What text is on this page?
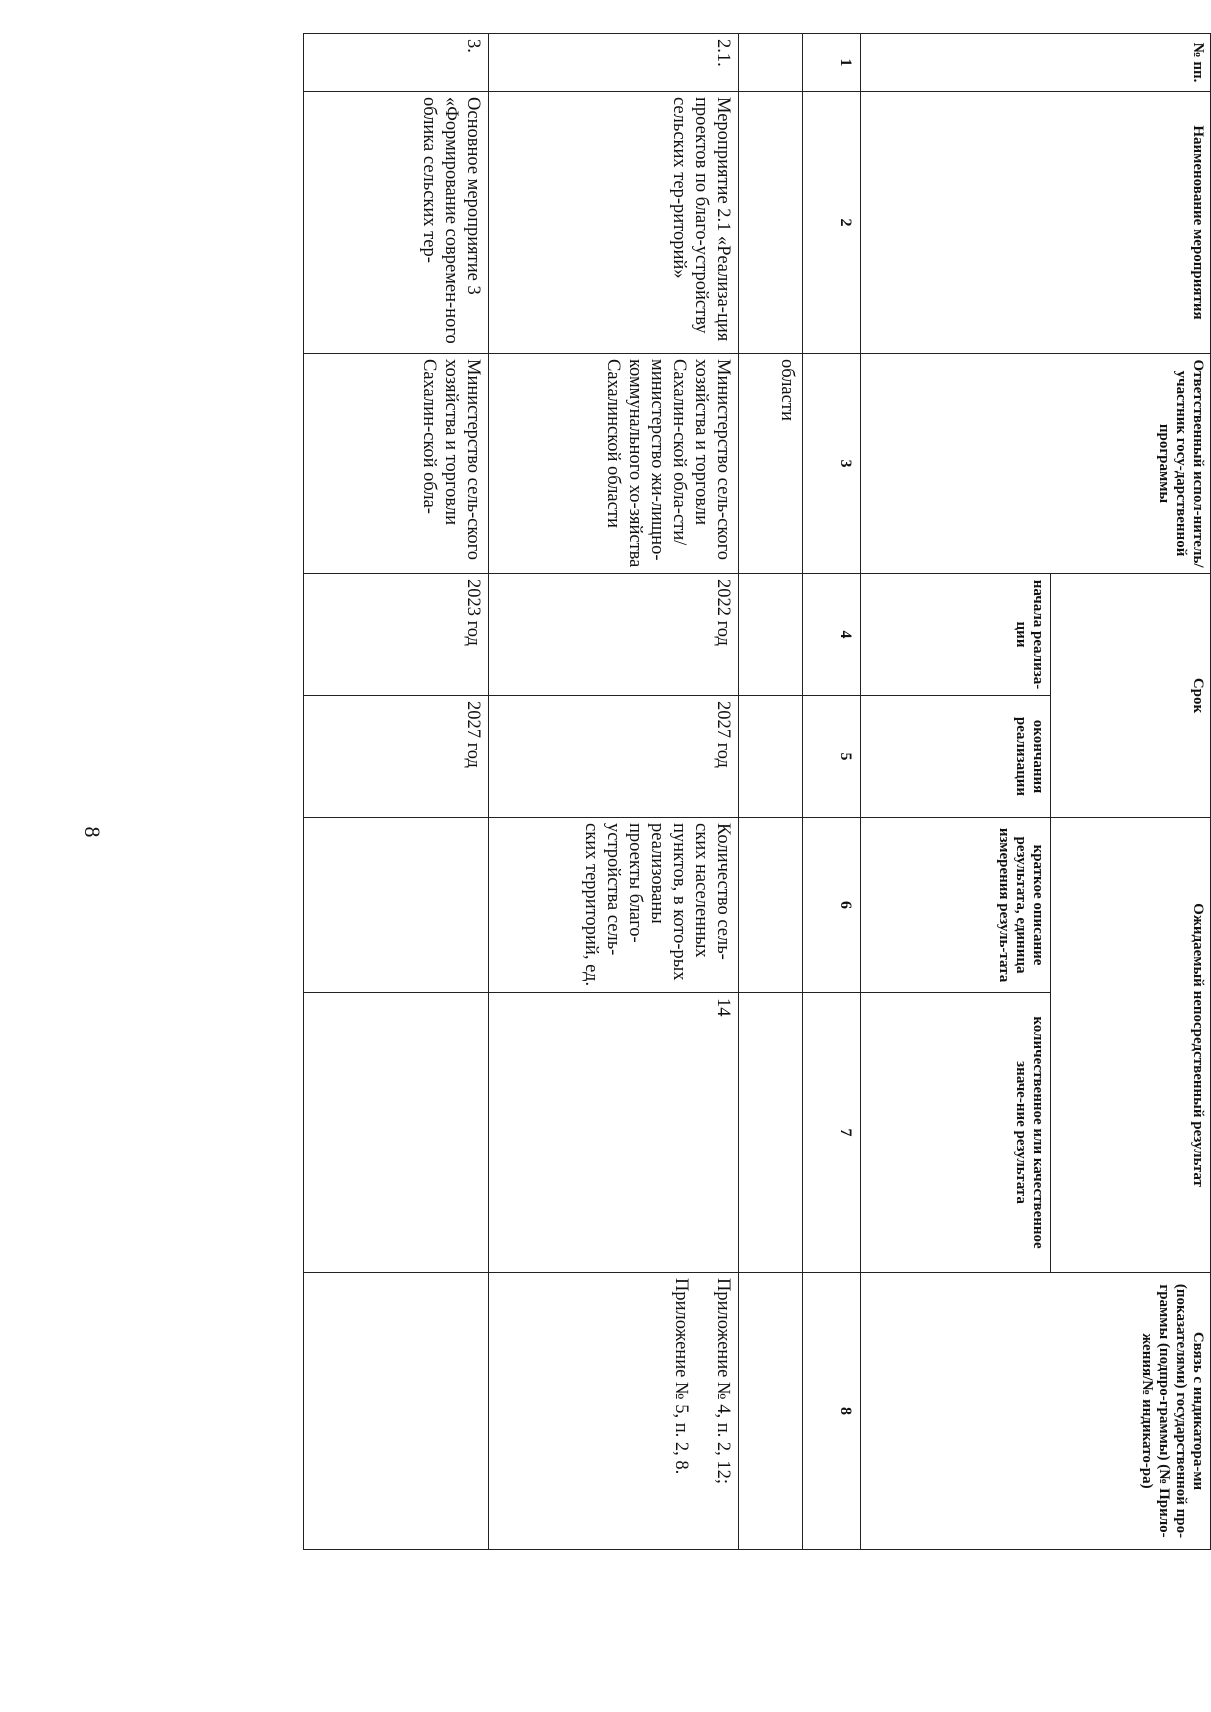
8
№ пп.	Наименование мероприятия	Ответственный испол-нитель/участник госу-дарственной программы	Срок		Ожидаемый непосредственный результат		Связь с индикатора-ми (показателями) государственной про-граммы (подпро-граммы) (№ Прило-жения/№ индикато-ра)
			начала реализа-ции	окончания реализации	краткое описание результата, единица измерения резуль-тата	количественное или качественное значе-ние результата	
1	2	3	4	5	6	7	8
		области					
2.1.	Мероприятие 2.1 «Реализа-ция проектов по благо-устройству сельских тер-риторий»	Министерство сель-ского хозяйства и торговли Сахалин-ской обла-сти/министерство жи-лищно-коммунального хо-зяйства Сахалинской области	2022 год	2027 год	Количество сель-ских населенных пунктов, в кото-рых реализованы проекты благо-устройства сель-ских территорий, ед.	14	Приложение № 4, п. 2, 12;
Приложение № 5, п. 2, 8.

3.	Основное мероприятие 3 «Формирование современ-ного облика сельских тер-	Министерство сель-ского хозяйства и торговли Сахалин-ской обла-	2023 год	2027 год			
